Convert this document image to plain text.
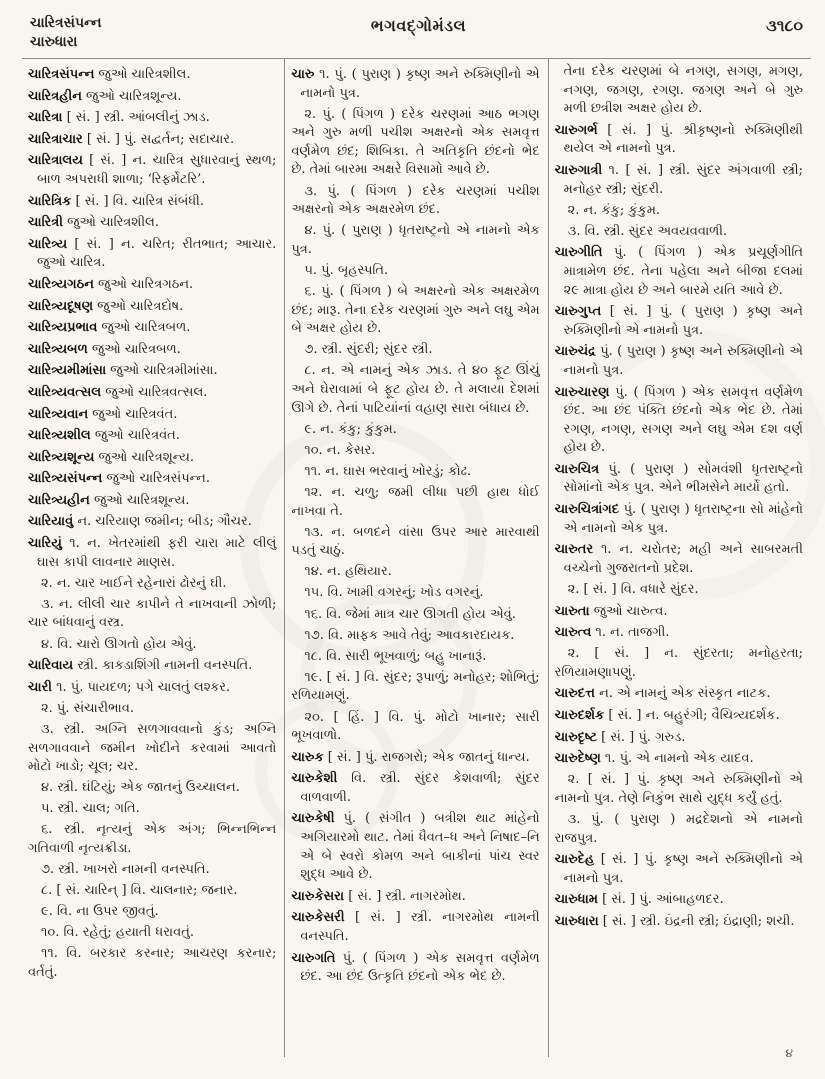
ચારિત્રસંપન્ન
ચારુધારા
ભગવદ્ગોમંડલ	૩૧૮૦

ચારિત્રસંપન્ન જુઓ ચારિત્રશીલ.

ચારિત્રહીન જુઓ ચારિત્રશૂન્ય.

ચારિત્રા [ સં. ] સ્ત્રી. આંબલીનું ઝાડ.

ચારિત્રાચાર [ સં. ] પું. સદ્વર્તન; સદાચાર.

ચારિત્રાલય [ સં. ] ન. ચારિત્ર સુધારવાનું સ્થળ; બાળ અપરાધી શાળા; ‘રિફર્મેટરિ’.

ચારિત્રિક [ સં. ] વિ. ચારિત્ર સંબંધી.

ચારિત્રી જુઓ ચારિત્રશીલ.

ચારિત્ર્ય [ સં. ] ન. ચરિત; રીતભાત; આચાર. જુઓ ચારિત્ર.

ચારિત્ર્યગઠન જુઓ ચારિત્રગઠન.

ચારિત્ર્યદૂષણ જુઓ ચારિત્રદોષ.

ચારિત્ર્યપ્રભાવ જુઓ ચારિત્રબળ.

ચારિત્ર્યબળ જુઓ ચારિત્રબળ.

ચારિત્ર્યમીમાંસા જુઓ ચારિત્રમીમાંસા.

ચારિત્ર્યવત્સલ જુઓ ચારિત્રવત્સલ.

ચારિત્ર્યવાન જુઓ ચારિત્રવંત.

ચારિત્ર્યશીલ જુઓ ચારિત્રવંત.

ચારિત્ર્યશૂન્ય જુઓ ચારિત્રશૂન્ય.

ચારિત્ર્યસંપન્ન જુઓ ચારિત્રસંપન્ન.

ચારિત્ર્યહીન જુઓ ચારિત્રશૂન્ય.

ચારિયાવું ન. ચરિયાણ જમીન; બીડ; ગૌચર.

ચારિયું ૧. ન. ખેતરમાંથી ફરી ચારા માટે લીલું ઘાસ કાપી લાવનાર માણસ.

૨. ન. ચાર ખાઈને રહેનારાં ઢોરનું ઘી.

૩. ન. લીલી ચાર કાપીને તે નાખવાની ઝોળી; ચાર બાંધવાનું વસ્ત્ર.

૪. વિ. ચારો ઊગતો હોય એવું.

ચારિવાય સ્ત્રી. કાકડાશિંગી નામની વનસ્પતિ.

ચારી ૧. પું. પાયદળ; પગે ચાલતું લશ્કર.

૨. પું. સંચારીભાવ.

૩. સ્ત્રી. અગ્નિ સળગાવવાનો કુંડ; અગ્નિ સળગાવવાને જમીન ખોદીને કરવામાં આવતો મોટો ખાડો; ચૂલ; ચર.

૪. સ્ત્રી. ઘંટિયું; એક જાતનું ઉચ્ચાલન.

૫. સ્ત્રી. ચાલ; ગતિ.

૬. સ્ત્રી. નૃત્યનું એક અંગ; ભિન્નભિન્ન ગતિવાળી નૃત્યક્રીડા.

૭. સ્ત્રી. ખાખરો નામની વનસ્પતિ.

૮. [ સં. ચારિન્ ] વિ. ચાલનાર; જનાર.

૯. વિ. ના ઉપર જીવતું.

૧૦. વિ. રહેતું; હયાતી ધરાવતું.

૧૧. વિ. બરકાર કરનાર; આચરણ કરનાર; વર્તતું.

ચારુ ૧. પું. ( પુરાણ ) કૃષ્ણ અને રુક્મિણીનો એ નામનો પુત્ર.

૨. પું. ( પિંગળ ) દરેક ચરણમાં આઠ ભગણ અને ગુરુ મળી પચીશ અક્ષરનો એક સમવૃત્ત વર્ણમેળ છંદ; શિબિકા. તે અતિકૃતિ છંદનો ભેદ છે. તેમાં બારમા અક્ષરે વિસામો આવે છે.

૩. પું. ( પિંગળ ) દરેક ચરણમાં પચીશ અક્ષરનો એક અક્ષરમેળ છંદ.

૪. પું. ( પુરાણ ) ધૃતરાષ્ટ્રનો એ નામનો એક પુત્ર.

૫. પું. બૃહસ્પતિ.

૬. પું. ( પિંગળ ) બે અક્ષરનો એક અક્ષરમેળ છંદ; મારૂ. તેના દરેક ચરણમાં ગુરુ અને લઘુ એમ બે અક્ષર હોય છે.

૭. સ્ત્રી. સુંદરી; સુંદર સ્ત્રી.

૮. ન. એ નામનું એક ઝાડ. તે ૪૦ ફૂટ ઊંચું અને ઘેરાવામાં બે ફૂટ હોય છે. તે મલાયા દેશમાં ઊગે છે. તેનાં પાટિયાંનાં વહાણ સારા બંધાય છે.

૯. ન. કંકુ; કુંકુમ.

૧૦. ન. કેસર.

૧૧. ન. ઘાસ ભરવાનું ખોરડું; કોઢ.

૧૨. ન. ચળુ; જમી લીધા પછી હાથ ધોઈ નાખવા તે.

૧૩. ન. બળદને વાંસા ઉપર આર મારવાથી પડતું ચાઠું.

૧૪. ન. હથિયાર.

૧૫. વિ. ખામી વગરનું; ખોડ વગરનું.

૧૬. વિ. જેમાં માત્ર ચાર ઊગતી હોય એવું.

૧૭. વિ. માફક આવે તેવું; આવકારદાયક.

૧૮. વિ. સારી ભૂખવાળું; બહુ ખાનારૂં.

૧૯. [ સં. ] વિ. સુંદર; રૂપાળું; મનોહર; શોભિતું; રળિયામણું.

૨૦. [ હિં. ] વિ. પું. મોટો ખાનાર; સારી ભૂખવાળો.

ચારુક [ સં. ] પું. રાજગરો; એક જાતનું ધાન્ય.

ચારુકેશી વિ. સ્ત્રી. સુંદર કેશવાળી; સુંદર વાળવાળી.

ચારુકેષી પું. ( સંગીત ) બત્રીશ થાટ માંહેનો અગિયારમો થાટ. તેમાં ધૈવત–ધ અને નિષાદ–નિ એ બે સ્વરો કોમળ અને બાકીનાં પાંચ સ્વર શુદ્ધ આવે છે.

ચારુકેસરા [ સં. ] સ્ત્રી. નાગરમોથ.

ચારુકેસરી [ સં. ] સ્ત્રી. નાગરમોથ નામની વનસ્પતિ.

ચારુગતિ પું. ( પિંગળ ) એક સમવૃત્ત વર્ણમેળ છંદ. આ છંદ ઉત્કૃતિ છંદનો એક ભેદ છે.

તેના દરેક ચરણમાં બે નગણ, સગણ, મગણ, નગણ, જગણ, રગણ. જગણ અને બે ગુરુ મળી છત્રીશ અક્ષર હોય છે.

ચારુગર્ભ [ સં. ] પું. શ્રીકૃષ્ણનો રુક્મિણીથી થયેલ એ નામનો પુત્ર.

ચારુગાત્રી ૧. [ સં. ] સ્ત્રી. સુંદર અંગવાળી સ્ત્રી; મનોહર સ્ત્રી; સુંદરી.

૨. ન. કંકુ; કુંકુમ.

૩. વિ. સ્ત્રી. સુંદર અવયવવાળી.

ચારુગીતિ પું. ( પિંગળ ) એક પ્રચૂર્ણગીતિ માત્રામેળ છંદ. તેના પહેલા અને બીજા દલમાં ૨૯ માત્રા હોય છે અને બારમે યતિ આવે છે.

ચારુગુપ્ત [ સં. ] પું. ( પુરાણ ) કૃષ્ણ અને રુક્મિણીનો એ નામનો પુત્ર.

ચારુચંદ્ર પું. ( પુરાણ ) કૃષ્ણ અને રુક્મિણીનો એ નામનો પુત્ર.

ચારુચારણ પું. ( પિંગળ ) એક સમવૃત્ત વર્ણમેળ છંદ. આ છંદ પંક્તિ છંદનો એક ભેદ છે. તેમાં રગણ, નગણ, સગણ અને લઘુ એમ દશ વર્ણ હોય છે.

ચારુચિત્ર પું. ( પુરાણ ) સોમવંશી ધૃતરાષ્ટ્રનો સોમાંનો એક પુત્ર. એને ભીમસેને માર્યો હતો.

ચારુચિત્રાંગદ પું. ( પુરાણ ) ધૃતરાષ્ટ્રના સો માંહેનો એ નામનો એક પુત્ર.

ચારુતર ૧. ન. ચરોતર; મહી અને સાબરમતી વચ્ચેનો ગુજરાતનો પ્રદેશ.

૨. [ સં. ] વિ. વધારે સુંદર.

ચારુતા જુઓ ચારુત્વ.

ચારુત્વ ૧. ન. તાજગી.

૨. [ સં. ] ન. સુંદરતા; મનોહરતા; રળિયામણાપણું.

ચારુદત્ત ન. એ નામનું એક સંસ્કૃત નાટક.

ચારુદર્શક [ સં. ] ન. બહુરંગી; વૈચિત્ર્યદર્શક.

ચારુદૃષ્ટ [ સં. ] પું. ગરુડ.

ચારુદેષ્ણ ૧. પું. એ નામનો એક યાદવ.

૨. [ સં. ] પું. કૃષ્ણ અને રુક્મિણીનો એ નામનો પુત્ર. તેણે નિકુંભ સાથે યુદ્ધ કર્યું હતું.

૩. પું. ( પુરાણ ) મદ્રદેશનો એ નામનો રાજપુત્ર.

ચારુદેહ [ સં. ] પું. કૃષ્ણ અને રુક્મિણીનો એ નામનો પુત્ર.

ચારુધામ [ સં. ] પું. આંબાહળદર.

ચારુધારા [ સં. ] સ્ત્રી. ઇંદ્રની સ્ત્રી; ઇંદ્રાણી; શચી.

૪
